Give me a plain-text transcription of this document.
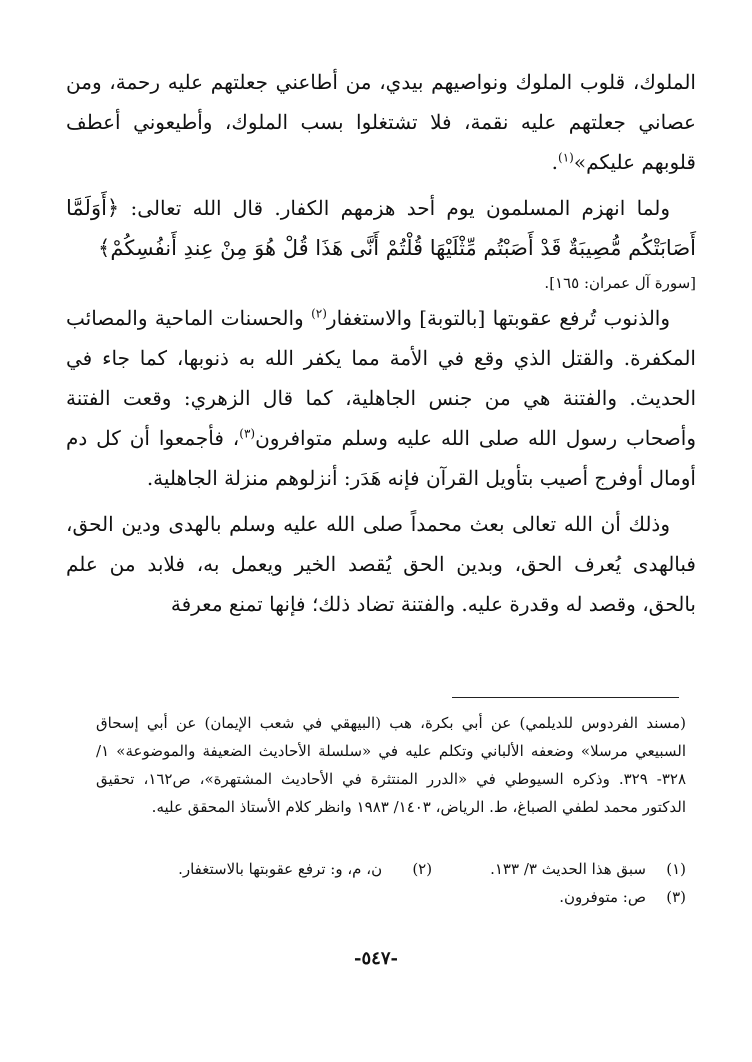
الملوك، قلوب الملوك ونواصيهم بيدي، من أطاعني جعلتهم عليه رحمة، ومن عصاني جعلتهم عليه نقمة، فلا تشتغلوا بسب الملوك، وأطيعوني أعطف قلوبهم عليكم»$^{(١)}$.

ولما انهزم المسلمون يوم أحد هزمهم الكفار. قال الله تعالى: ﴿أَوَلَمَّا أَصَابَتْكُم مُّصِيبَةٌ قَدْ أَصَبْتُم مِّثْلَيْهَا قُلْتُمْ أَنَّى هَذَا قُلْ هُوَ مِنْ عِندِ أَنفُسِكُمْ﴾

[سورة آل عمران: ١٦٥].

والذنوب تُرفع عقوبتها [بالتوبة] والاستغفار$^{(٢)}$ والحسنات الماحية والمصائب المكفرة. والقتل الذي وقع في الأمة مما يكفر الله به ذنوبها، كما جاء في الحديث. والفتنة هي من جنس الجاهلية، كما قال الزهري: وقعت الفتنة وأصحاب رسول الله صلى الله عليه وسلم متوافرون$^{(٣)}$، فأجمعوا أن كل دم أومال أوفرج أصيب بتأويل القرآن فإنه هَدَر: أنزلوهم منزلة الجاهلية.

وذلك أن الله تعالى بعث محمداً صلى الله عليه وسلم بالهدى ودين الحق، فبالهدى يُعرف الحق، وبدين الحق يُقصد الخير ويعمل به، فلابد من علم بالحق، وقصد له وقدرة عليه. والفتنة تضاد ذلك؛ فإنها تمنع معرفة

(مسند الفردوس للديلمي) عن أبي بكرة، هب (البيهقي في شعب الإيمان) عن أبي إسحاق السبيعي مرسلا» وضعفه الألباني وتكلم عليه في «سلسلة الأحاديث الضعيفة والموضوعة» ١/ ٣٢٨- ٣٢٩. وذكره السيوطي في «الدرر المنتثرة في الأحاديث المشتهرة»، ص١٦٢، تحقيق الدكتور محمد لطفي الصباغ، ط. الرياض، ١٤٠٣/ ١٩٨٣ وانظر كلام الأستاذ المحقق عليه.

(١)
سبق هذا الحديث ٣/ ١٣٣.
(٢)
ن، م، و: ترفع عقوبتها بالاستغفار.
(٣)
ص: متوفرون.
-٥٤٧-
